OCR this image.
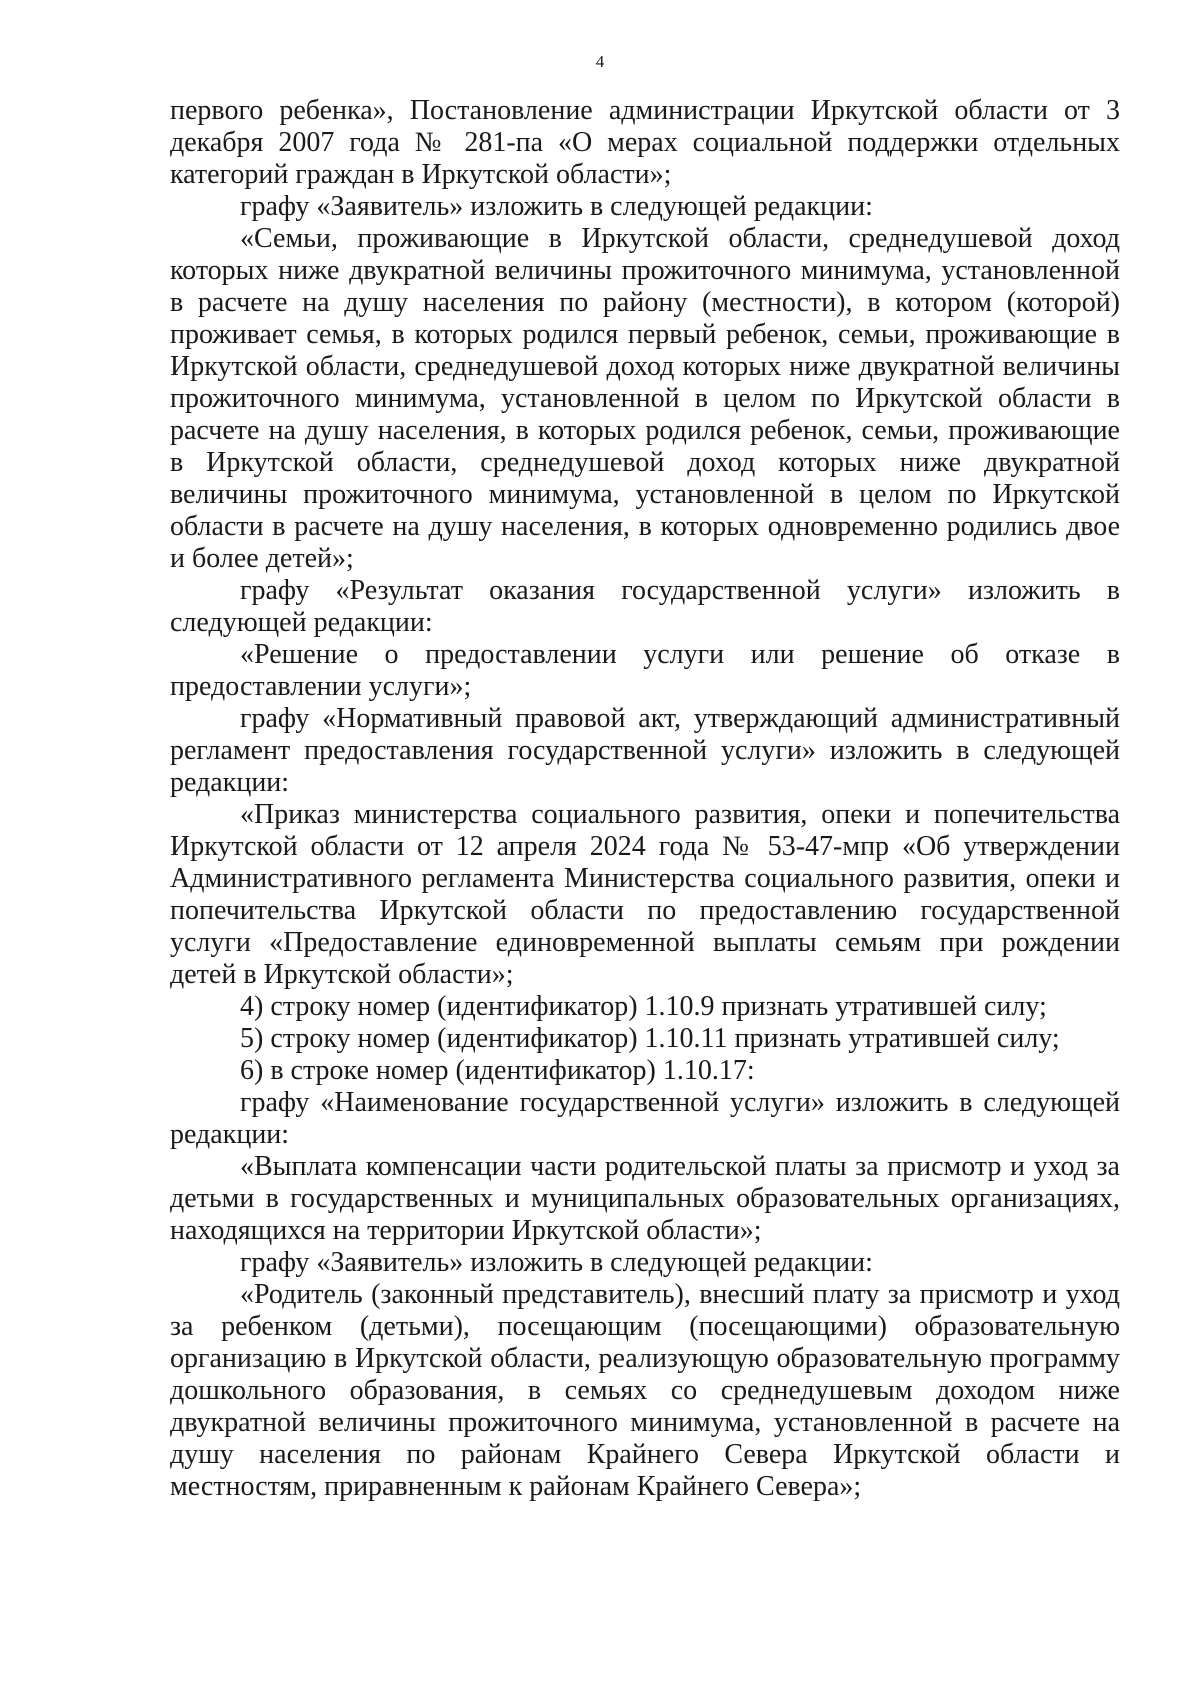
4

первого ребенка», Постановление администрации Иркутской области от 3 декабря 2007 года № 281-па «О мерах социальной поддержки отдельных категорий граждан в Иркутской области»;

графу «Заявитель» изложить в следующей редакции:

«Семьи, проживающие в Иркутской области, среднедушевой доход которых ниже двукратной величины прожиточного минимума, установленной в расчете на душу населения по району (местности), в котором (которой) проживает семья, в которых родился первый ребенок, семьи, проживающие в Иркутской области, среднедушевой доход которых ниже двукратной величины прожиточного минимума, установленной в целом по Иркутской области в расчете на душу населения, в которых родился ребенок, семьи, проживающие в Иркутской области, среднедушевой доход которых ниже двукратной величины прожиточного минимума, установленной в целом по Иркутской области в расчете на душу населения, в которых одновременно родились двое и более детей»;

графу «Результат оказания государственной услуги» изложить в следующей редакции:

«Решение о предоставлении услуги или решение об отказе в предоставлении услуги»;

графу «Нормативный правовой акт, утверждающий административный регламент предоставления государственной услуги» изложить в следующей редакции:

«Приказ министерства социального развития, опеки и попечительства Иркутской области от 12 апреля 2024 года № 53-47-мпр «Об утверждении Административного регламента Министерства социального развития, опеки и попечительства Иркутской области по предоставлению государственной услуги «Предоставление единовременной выплаты семьям при рождении детей в Иркутской области»;

4) строку номер (идентификатор) 1.10.9 признать утратившей силу;

5) строку номер (идентификатор) 1.10.11 признать утратившей силу;

6) в строке номер (идентификатор) 1.10.17:

графу «Наименование государственной услуги» изложить в следующей редакции:

«Выплата компенсации части родительской платы за присмотр и уход за детьми в государственных и муниципальных образовательных организациях, находящихся на территории Иркутской области»;

графу «Заявитель» изложить в следующей редакции:

«Родитель (законный представитель), внесший плату за присмотр и уход за ребенком (детьми), посещающим (посещающими) образовательную организацию в Иркутской области, реализующую образовательную программу дошкольного образования, в семьях со среднедушевым доходом ниже двукратной величины прожиточного минимума, установленной в расчете на душу населения по районам Крайнего Севера Иркутской области и местностям, приравненным к районам Крайнего Севера»;
